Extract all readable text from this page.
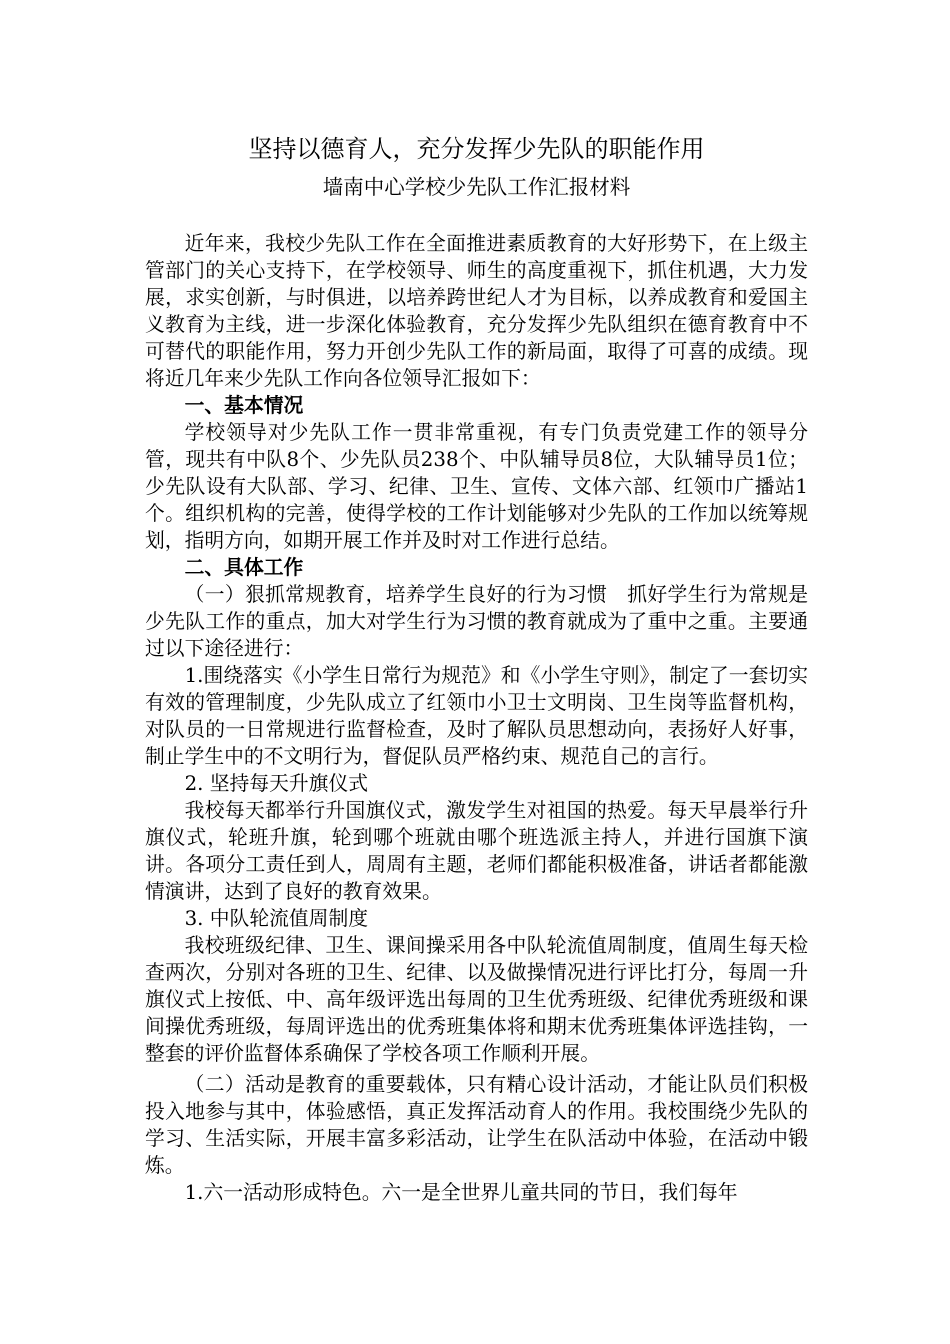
坚持以德育人，充分发挥少先队的职能作用
墙南中心学校少先队工作汇报材料

近年来，我校少先队工作在全面推进素质教育的大好形势下，在上级主管部门的关心支持下，在学校领导、师生的高度重视下，抓住机遇，大力发展，求实创新，与时俱进，以培养跨世纪人才为目标，以养成教育和爱国主义教育为主线，进一步深化体验教育，充分发挥少先队组织在德育教育中不可替代的职能作用，努力开创少先队工作的新局面，取得了可喜的成绩。现将近几年来少先队工作向各位领导汇报如下：

一、基本情况

学校领导对少先队工作一贯非常重视，有专门负责党建工作的领导分管，现共有中队8个、少先队员238个、中队辅导员8位，大队辅导员1位；少先队设有大队部、学习、纪律、卫生、宣传、文体六部、红领巾广播站1个。组织机构的完善，使得学校的工作计划能够对少先队的工作加以统筹规划，指明方向，如期开展工作并及时对工作进行总结。

二、具体工作

（一）狠抓常规教育，培养学生良好的行为习惯　抓好学生行为常规是少先队工作的重点，加大对学生行为习惯的教育就成为了重中之重。主要通过以下途径进行：

1.围绕落实《小学生日常行为规范》和《小学生守则》，制定了一套切实有效的管理制度，少先队成立了红领巾小卫士文明岗、卫生岗等监督机构，对队员的一日常规进行监督检查，及时了解队员思想动向，表扬好人好事，制止学生中的不文明行为，督促队员严格约束、规范自己的言行。

2. 坚持每天升旗仪式

我校每天都举行升国旗仪式，激发学生对祖国的热爱。每天早晨举行升旗仪式，轮班升旗，轮到哪个班就由哪个班选派主持人，并进行国旗下演讲。各项分工责任到人，周周有主题，老师们都能积极准备，讲话者都能激情演讲，达到了良好的教育效果。

3. 中队轮流值周制度

我校班级纪律、卫生、课间操采用各中队轮流值周制度，值周生每天检查两次，分别对各班的卫生、纪律、以及做操情况进行评比打分，每周一升旗仪式上按低、中、高年级评选出每周的卫生优秀班级、纪律优秀班级和课间操优秀班级，每周评选出的优秀班集体将和期末优秀班集体评选挂钩，一整套的评价监督体系确保了学校各项工作顺利开展。

（二）活动是教育的重要载体，只有精心设计活动，才能让队员们积极投入地参与其中，体验感悟，真正发挥活动育人的作用。我校围绕少先队的学习、生活实际，开展丰富多彩活动，让学生在队活动中体验，在活动中锻炼。

1.六一活动形成特色。六一是全世界儿童共同的节日，我们每年
